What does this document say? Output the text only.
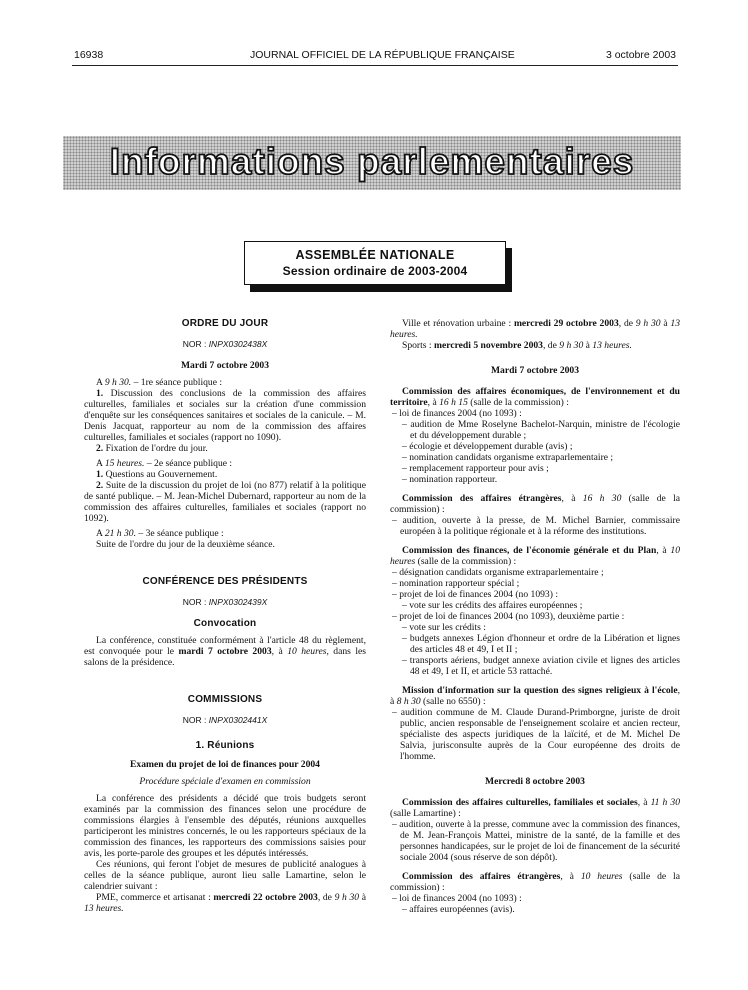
16938	JOURNAL OFFICIEL DE LA RÉPUBLIQUE FRANÇAISE	3 octobre 2003
Informations parlementaires
ASSEMBLÉE NATIONALE
Session ordinaire de 2003-2004
ORDRE DU JOUR
NOR : INPX0302438X
Mardi 7 octobre 2003

A 9 h 30. – 1re séance publique :

1. Discussion des conclusions de la commission des affaires culturelles, familiales et sociales sur la création d'une commission d'enquête sur les conséquences sanitaires et sociales de la canicule. – M. Denis Jacquat, rapporteur au nom de la commission des affaires culturelles, familiales et sociales (rapport no 1090).

2. Fixation de l'ordre du jour.

A 15 heures. – 2e séance publique :

1. Questions au Gouvernement.

2. Suite de la discussion du projet de loi (no 877) relatif à la politique de santé publique. – M. Jean-Michel Dubernard, rapporteur au nom de la commission des affaires culturelles, familiales et sociales (rapport no 1092).

A 21 h 30. – 3e séance publique :

Suite de l'ordre du jour de la deuxième séance.

CONFÉRENCE DES PRÉSIDENTS
NOR : INPX0302439X
Convocation

La conférence, constituée conformément à l'article 48 du règlement, est convoquée pour le mardi 7 octobre 2003, à 10 heures, dans les salons de la présidence.

COMMISSIONS
NOR : INPX0302441X
1. Réunions
Examen du projet de loi de finances pour 2004
Procédure spéciale d'examen en commission

La conférence des présidents a décidé que trois budgets seront examinés par la commission des finances selon une procédure de commissions élargies à l'ensemble des députés, réunions auxquelles participeront les ministres concernés, le ou les rapporteurs spéciaux de la commission des finances, les rapporteurs des commissions saisies pour avis, les porte-parole des groupes et les députés intéressés.

Ces réunions, qui feront l'objet de mesures de publicité analogues à celles de la séance publique, auront lieu salle Lamartine, selon le calendrier suivant :

PME, commerce et artisanat : mercredi 22 octobre 2003, de 9 h 30 à 13 heures.

Ville et rénovation urbaine : mercredi 29 octobre 2003, de 9 h 30 à 13 heures.

Sports : mercredi 5 novembre 2003, de 9 h 30 à 13 heures.

Mardi 7 octobre 2003

Commission des affaires économiques, de l'environnement et du territoire, à 16 h 15 (salle de la commission) :

– loi de finances 2004 (no 1093) :
– audition de Mme Roselyne Bachelot-Narquin, ministre de l'écologie et du développement durable ;
– écologie et développement durable (avis) ;
– nomination candidats organisme extraparlementaire ;
– remplacement rapporteur pour avis ;
– nomination rapporteur.

Commission des affaires étrangères, à 16 h 30 (salle de la commission) :

– audition, ouverte à la presse, de M. Michel Barnier, commissaire européen à la politique régionale et à la réforme des institutions.

Commission des finances, de l'économie générale et du Plan, à 10 heures (salle de la commission) :

– désignation candidats organisme extraparlementaire ;
– nomination rapporteur spécial ;
– projet de loi de finances 2004 (no 1093) :
– vote sur les crédits des affaires européennes ;
– projet de loi de finances 2004 (no 1093), deuxième partie :
– vote sur les crédits :
– budgets annexes Légion d'honneur et ordre de la Libération et lignes des articles 48 et 49, I et II ;
– transports aériens, budget annexe aviation civile et lignes des articles 48 et 49, I et II, et article 53 rattaché.

Mission d'information sur la question des signes religieux à l'école, à 8 h 30 (salle no 6550) :

– audition commune de M. Claude Durand-Primborgne, juriste de droit public, ancien responsable de l'enseignement scolaire et ancien recteur, spécialiste des aspects juridiques de la laïcité, et de M. Michel De Salvia, jurisconsulte auprès de la Cour européenne des droits de l'homme.
Mercredi 8 octobre 2003

Commission des affaires culturelles, familiales et sociales, à 11 h 30 (salle Lamartine) :

– audition, ouverte à la presse, commune avec la commission des finances, de M. Jean-François Mattei, ministre de la santé, de la famille et des personnes handicapées, sur le projet de loi de financement de la sécurité sociale 2004 (sous réserve de son dépôt).

Commission des affaires étrangères, à 10 heures (salle de la commission) :

– loi de finances 2004 (no 1093) :
– affaires européennes (avis).
